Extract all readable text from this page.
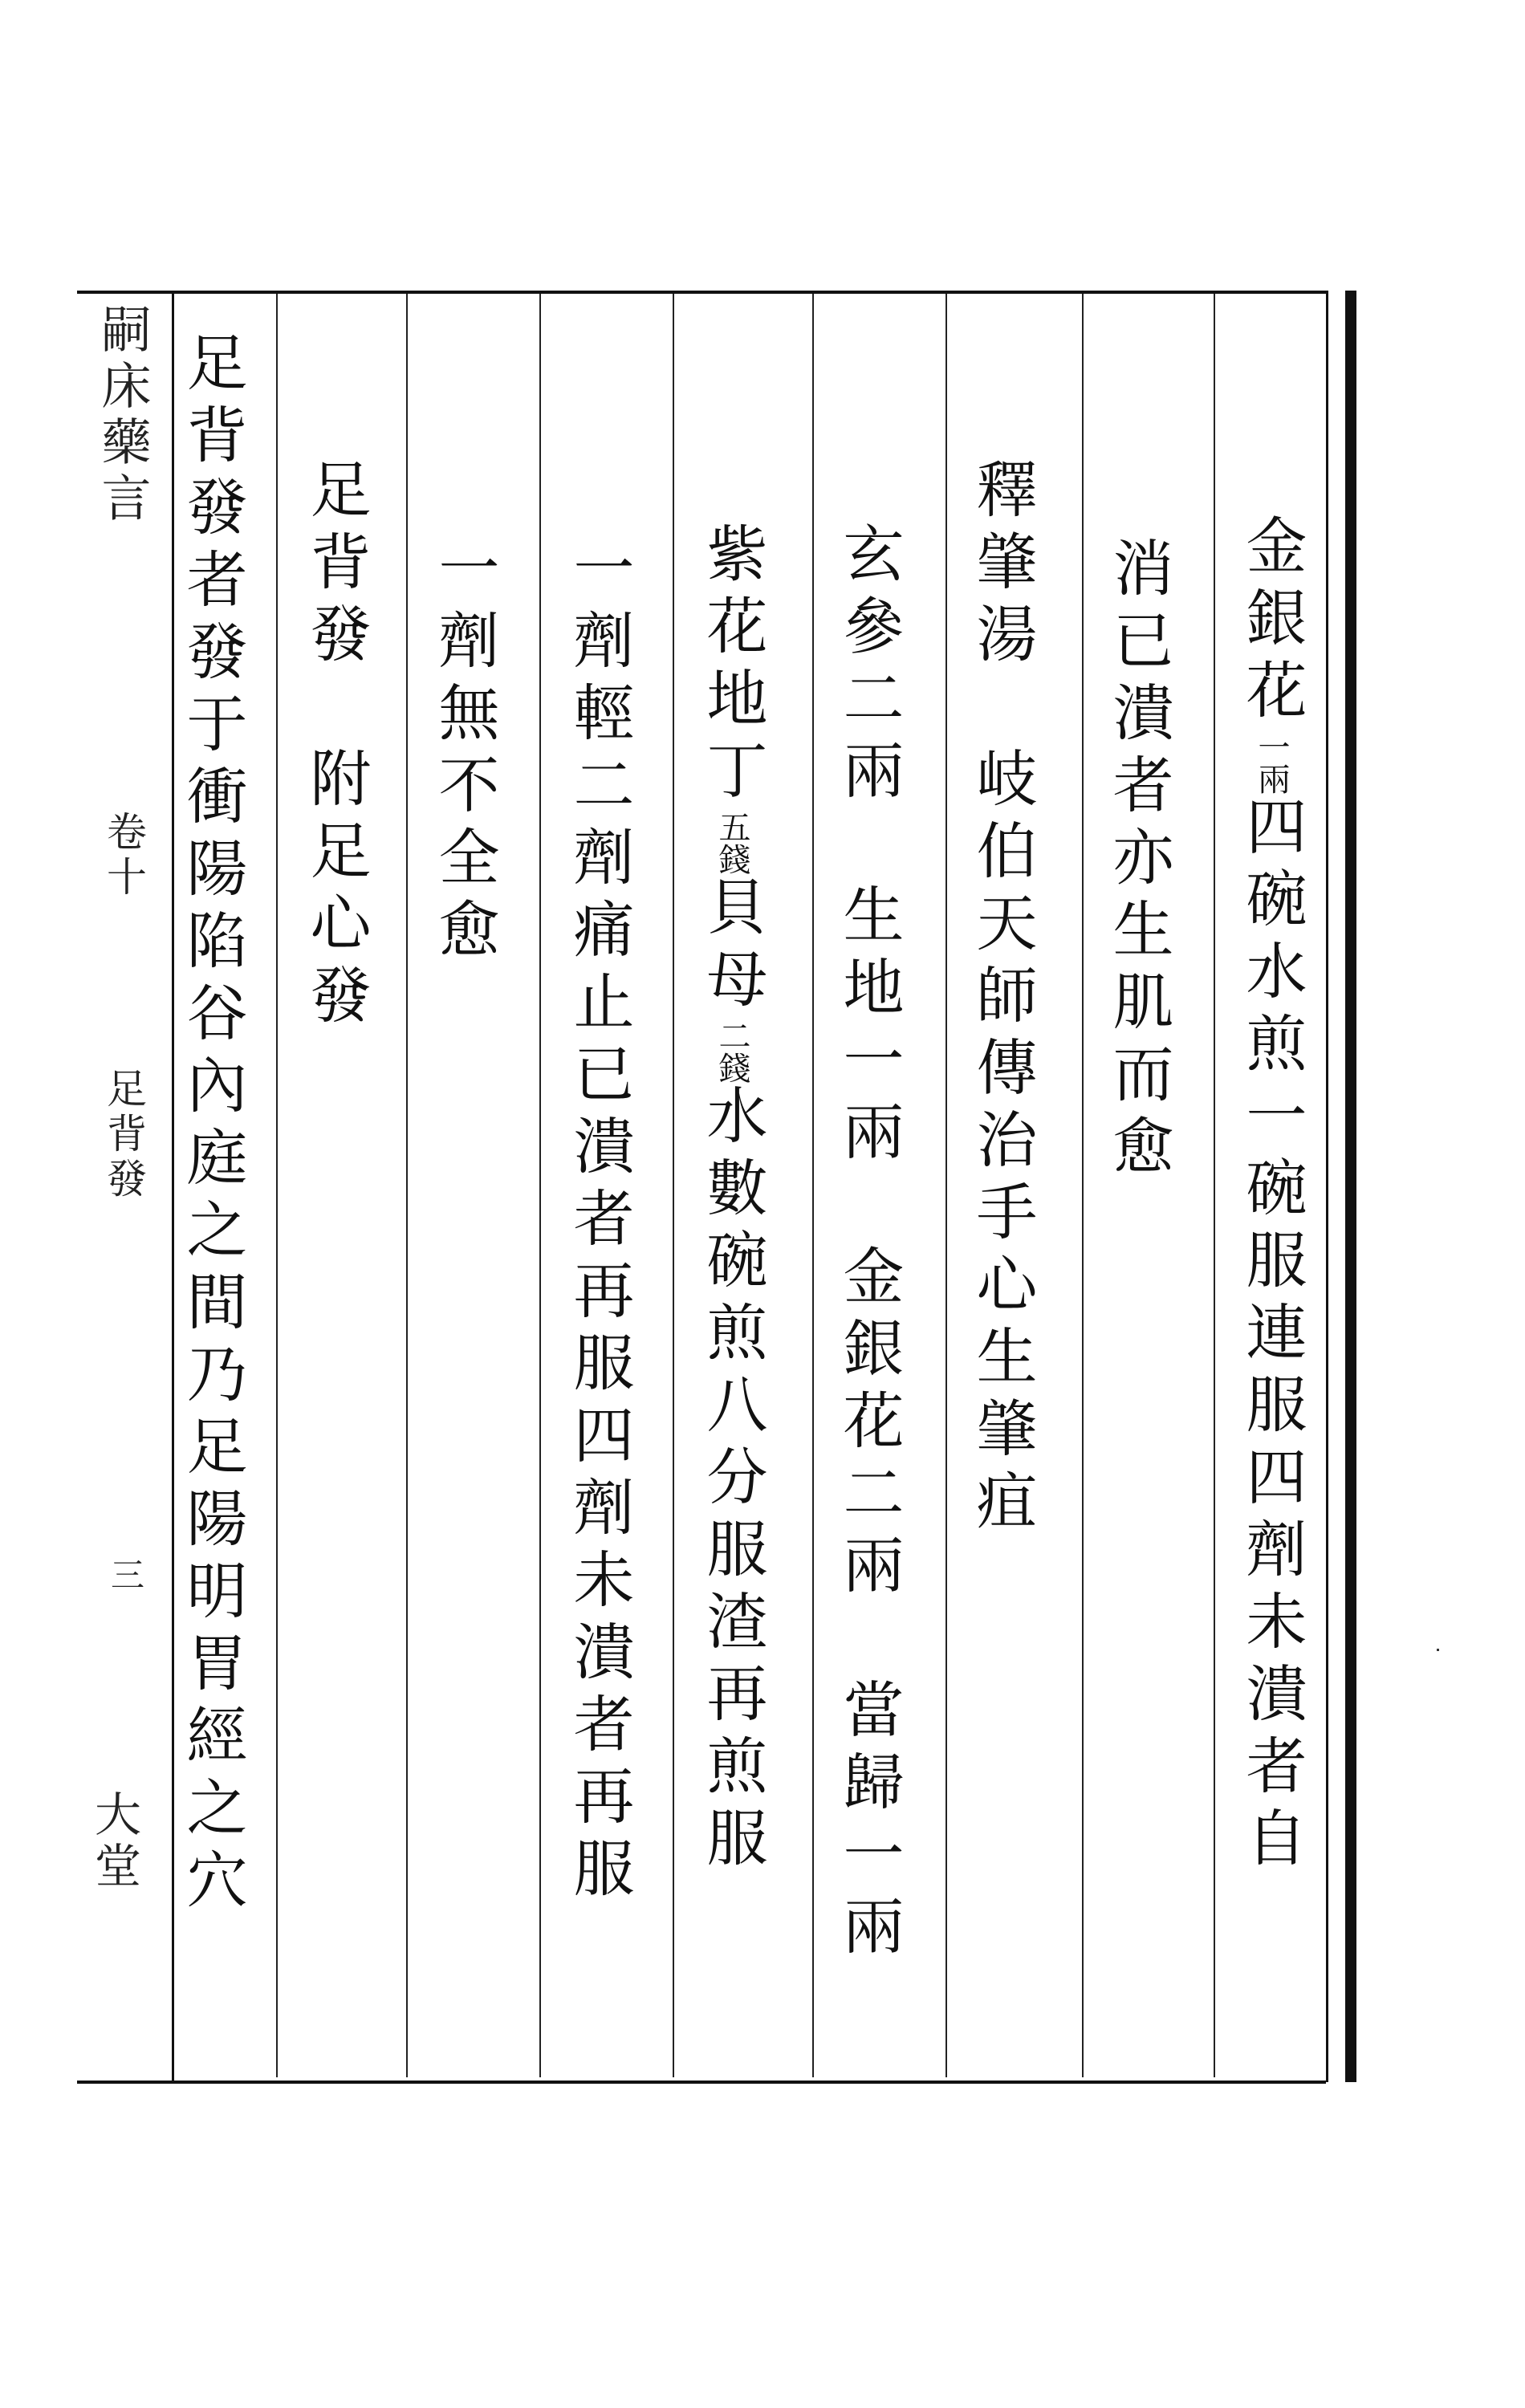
嗣床藥言
卷十
足背發
三
大堂
金銀花一兩四碗水煎一碗服連服四劑未潰者自
消已潰者亦生肌而愈
釋肇湯　岐伯天師傳治手心生肇疽
玄參二兩　生地一兩　金銀花二兩　當歸一兩
紫花地丁五錢貝母二錢水數碗煎八分服渣再煎服
一劑輕二劑痛止已潰者再服四劑未潰者再服
一劑無不全愈
足背發　附足心發
足背發者發于衝陽陷谷內庭之間乃足陽明胃經之穴
